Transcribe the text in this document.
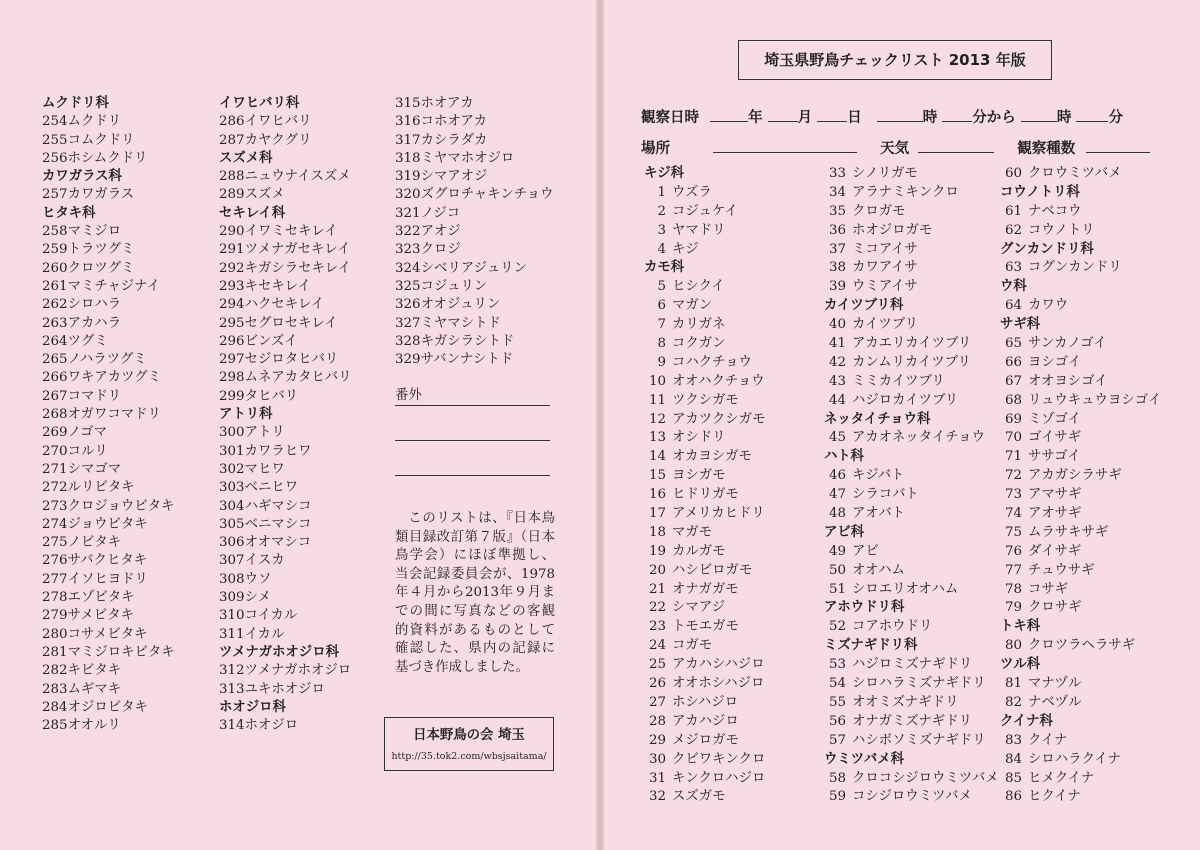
ムクドリ科
254ムクドリ
255コムクドリ
256ホシムクドリ
カワガラス科
257カワガラス
ヒタキ科
258マミジロ
259トラツグミ
260クロツグミ
261マミチャジナイ
262シロハラ
263アカハラ
264ツグミ
265ノハラツグミ
266ワキアカツグミ
267コマドリ
268オガワコマドリ
269ノゴマ
270コルリ
271シマゴマ
272ルリビタキ
273クロジョウビタキ
274ジョウビタキ
275ノビタキ
276サバクヒタキ
277イソヒヨドリ
278エゾビタキ
279サメビタキ
280コサメビタキ
281マミジロキビタキ
282キビタキ
283ムギマキ
284オジロビタキ
285オオルリ
イワヒバリ科
286イワヒバリ
287カヤクグリ
スズメ科
288ニュウナイスズメ
289スズメ
セキレイ科
290イワミセキレイ
291ツメナガセキレイ
292キガシラセキレイ
293キセキレイ
294ハクセキレイ
295セグロセキレイ
296ビンズイ
297セジロタヒバリ
298ムネアカタヒバリ
299タヒバリ
アトリ科
300アトリ
301カワラヒワ
302マヒワ
303ベニヒワ
304ハギマシコ
305ベニマシコ
306オオマシコ
307イスカ
308ウソ
309シメ
310コイカル
311イカル
ツメナガホオジロ科
312ツメナガホオジロ
313ユキホオジロ
ホオジロ科
314ホオジロ
315ホオアカ
316コホオアカ
317カシラダカ
318ミヤマホオジロ
319シマアオジ
320ズグロチャキンチョウ
321ノジコ
322アオジ
323クロジ
324シベリアジュリン
325コジュリン
326オオジュリン
327ミヤマシトド
328キガシラシトド
329サバンナシトド
番外
このリストは、『日本鳥類目録改訂第７版』（日本鳥学会）にほぼ準拠し、当会記録委員会が、1978 年４月から2013年９月までの間に写真などの客観的資料があるものとして確認した、県内の記録に基づき作成しました。
日本野鳥の会 埼玉
http://35.tok2.com/wbsjsaitama/
埼玉県野鳥チェックリスト 2013 年版
観察日時	年 月 日	時 分から	時	分
場所	天気	観察種数
キジ科
1 ウズラ
2 コジュケイ
3 ヤマドリ
4 キジ
カモ科
5 ヒシクイ
6 マガン
7 カリガネ
8 コクガン
9 コハクチョウ
10 オオハクチョウ
11 ツクシガモ
12 アカツクシガモ
13 オシドリ
14 オカヨシガモ
15 ヨシガモ
16 ヒドリガモ
17 アメリカヒドリ
18 マガモ
19 カルガモ
20 ハシビロガモ
21 オナガガモ
22 シマアジ
23 トモエガモ
24 コガモ
25 アカハシハジロ
26 オオホシハジロ
27 ホシハジロ
28 アカハジロ
29 メジロガモ
30 クビワキンクロ
31 キンクロハジロ
32 スズガモ
33 シノリガモ
34 アラナミキンクロ
35 クロガモ
36 ホオジロガモ
37 ミコアイサ
38 カワアイサ
39 ウミアイサ
カイツブリ科
40 カイツブリ
41 アカエリカイツブリ
42 カンムリカイツブリ
43 ミミカイツブリ
44 ハジロカイツブリ
ネッタイチョウ科
45 アカオネッタイチョウ
ハト科
46 キジバト
47 シラコバト
48 アオバト
アビ科
49 アビ
50 オオハム
51 シロエリオオハム
アホウドリ科
52 コアホウドリ
ミズナギドリ科
53 ハジロミズナギドリ
54 シロハラミズナギドリ
55 オオミズナギドリ
56 オナガミズナギドリ
57 ハシボソミズナギドリ
ウミツバメ科
58 クロコシジロウミツバメ
59 コシジロウミツバメ
60 クロウミツバメ
コウノトリ科
61 ナベコウ
62 コウノトリ
グンカンドリ科
63 コグンカンドリ
ウ科
64 カワウ
サギ科
65 サンカノゴイ
66 ヨシゴイ
67 オオヨシゴイ
68 リュウキュウヨシゴイ
69 ミゾゴイ
70 ゴイサギ
71 ササゴイ
72 アカガシラサギ
73 アマサギ
74 アオサギ
75 ムラサキサギ
76 ダイサギ
77 チュウサギ
78 コサギ
79 クロサギ
トキ科
80 クロツラヘラサギ
ツル科
81 マナヅル
82 ナベヅル
クイナ科
83 クイナ
84 シロハラクイナ
85 ヒメクイナ
86 ヒクイナ
